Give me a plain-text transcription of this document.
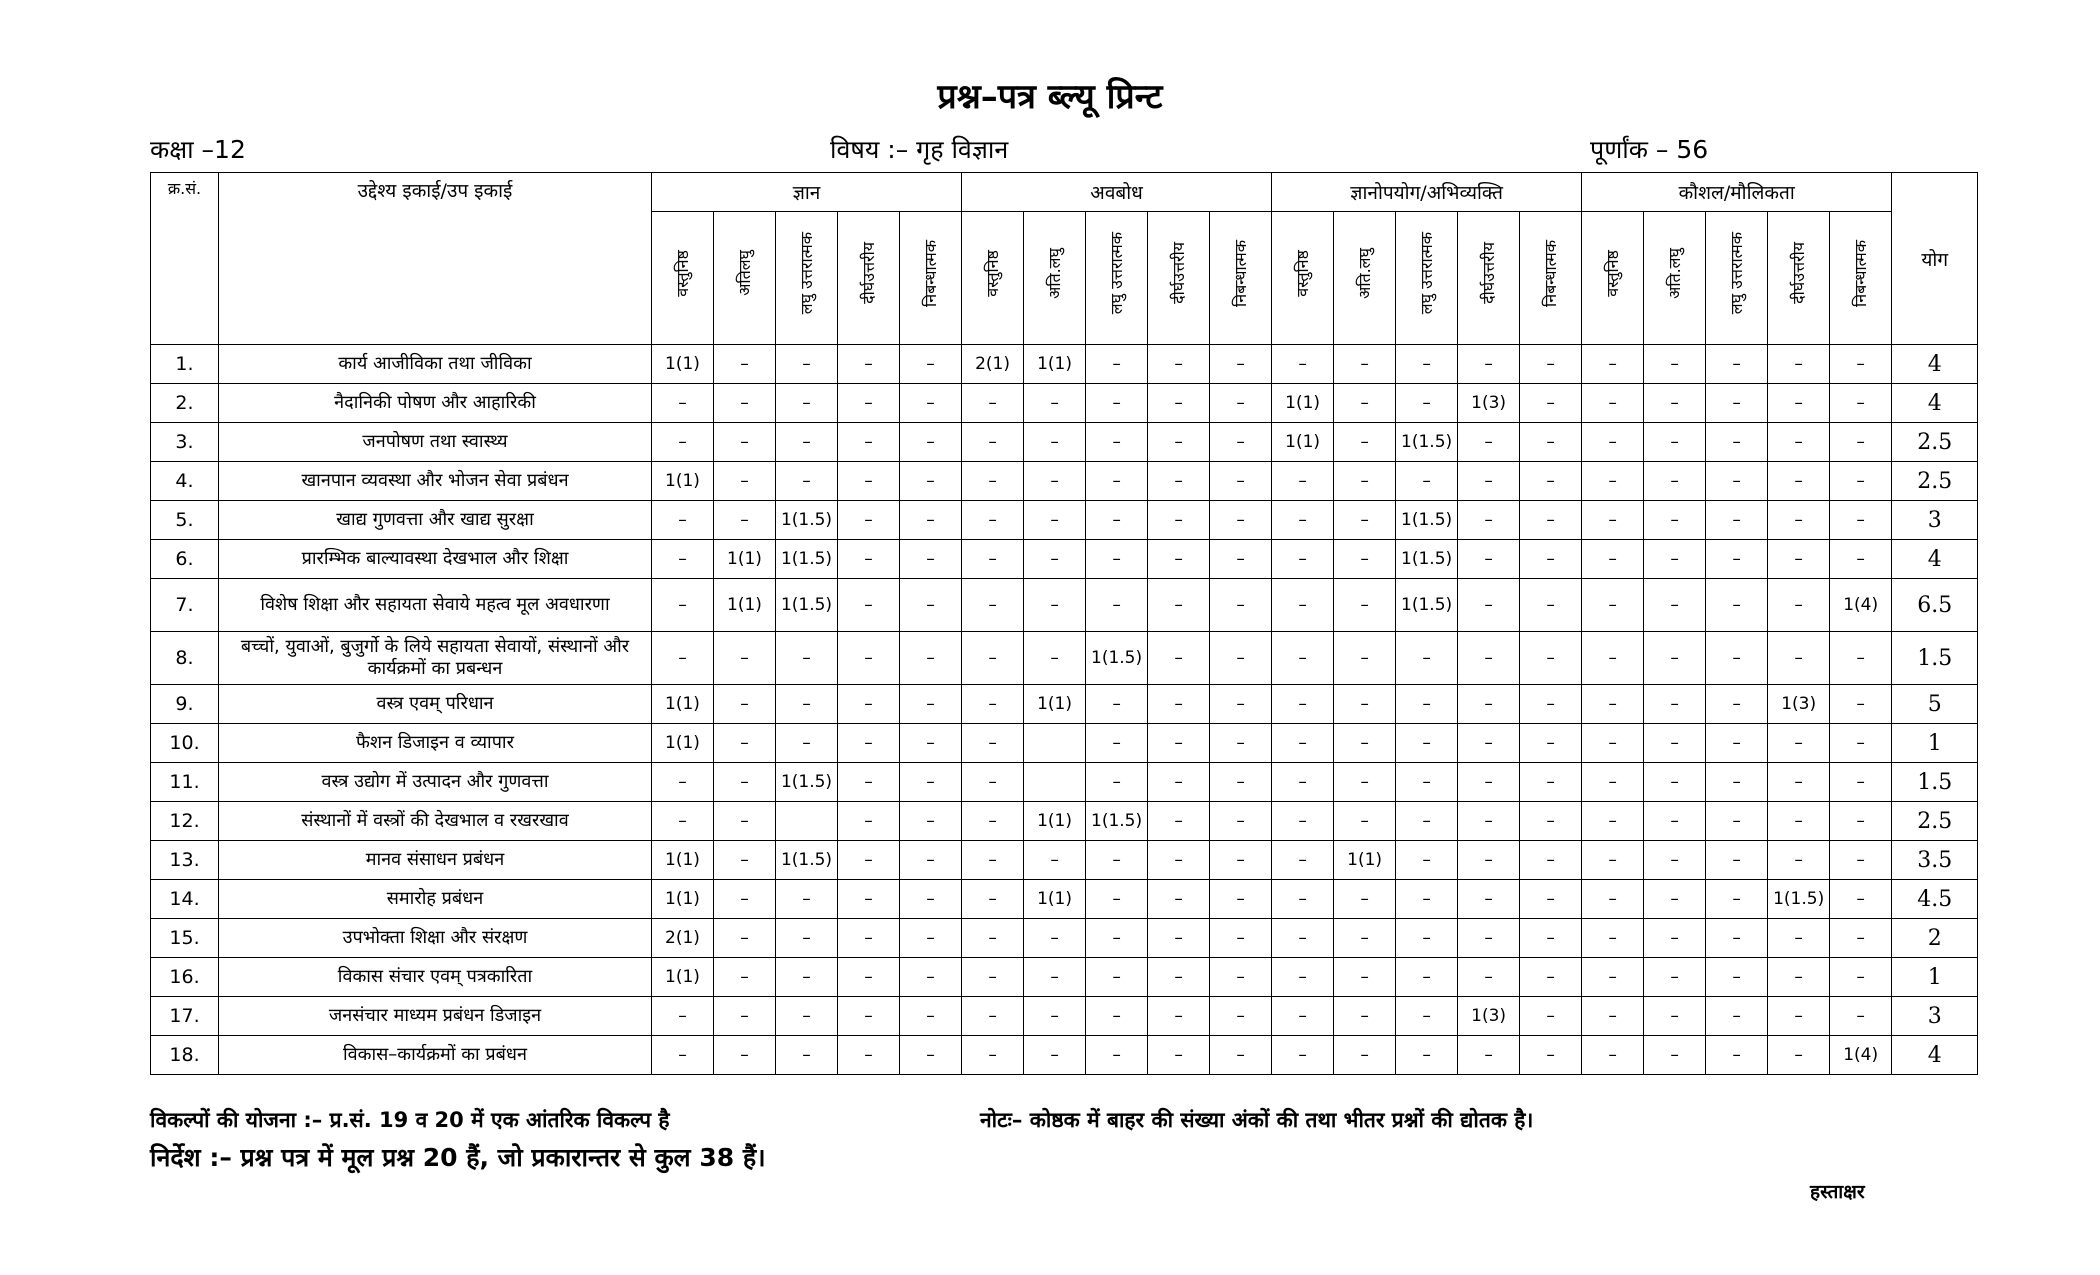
प्रश्न–पत्र ब्ल्यू प्रिन्ट
कक्षा –12	विषय :– गृह विज्ञान	पूर्णांक – 56
क्र.सं.	उद्देश्य इकाई/उप इकाई	ज्ञान					अवबोध					ज्ञानोपयोग/अभिव्यक्ति					कौशल/मौलिकता					योग
		वस्तुनिष्ठ	अतिलघु	लघु उत्तरात्मक	दीर्घउत्तरीय	निबन्धात्मक	वस्तुनिष्ठ	अति.लघु	लघु उत्तरात्मक	दीर्घउत्तरीय	निबन्धात्मक	वस्तुनिष्ठ	अति.लघु	लघु उत्तरात्मक	दीर्घउत्तरीय	निबन्धात्मक	वस्तुनिष्ठ	अति.लघु	लघु उत्तरात्मक	दीर्घउत्तरीय	निबन्धात्मक	
1.	कार्य आजीविका तथा जीविका	1(1)	–	–	–	–	2(1)	1(1)	–	–	–	–	–	–	–	–	–	–	–	–	–	4
2.	नैदानिकी पोषण और आहारिकी	–	–	–	–	–	–	–	–	–	–	1(1)	–	–	1(3)	–	–	–	–	–	–	4
3.	जनपोषण तथा स्वास्थ्य	–	–	–	–	–	–	–	–	–	–	1(1)	–	1(1.5)	–	–	–	–	–	–	–	2.5
4.	खानपान व्यवस्था और भोजन सेवा प्रबंधन	1(1)	–	–	–	–	–	–	–	–	–	–	–	–	–	–	–	–	–	–	–	2.5
5.	खाद्य गुणवत्ता और खाद्य सुरक्षा	–	–	1(1.5)	–	–	–	–	–	–	–	–	–	1(1.5)	–	–	–	–	–	–	–	3
6.	प्रारम्भिक बाल्यावस्था देखभाल और शिक्षा	–	1(1)	1(1.5)	–	–	–	–	–	–	–	–	–	1(1.5)	–	–	–	–	–	–	–	4
7.	विशेष शिक्षा और सहायता सेवाये महत्व मूल अवधारणा	–	1(1)	1(1.5)	–	–	–	–	–	–	–	–	–	1(1.5)	–	–	–	–	–	–	1(4)	6.5
8.	बच्चों, युवाओं, बुजुर्गो के लिये सहायता सेवायों, संस्थानों और कार्यक्रमों का प्रबन्धन	–	–	–	–	–	–	–	1(1.5)	–	–	–	–	–	–	–	–	–	–	–	–	1.5
9.	वस्त्र एवम् परिधान	1(1)	–	–	–	–	–	1(1)	–	–	–	–	–	–	–	–	–	–	–	1(3)	–	5
10.	फैशन डिजाइन व व्यापार	1(1)	–	–	–	–	–		–	–	–	–	–	–	–	–	–	–	–	–	–	1
11.	वस्त्र उद्योग में उत्पादन और गुणवत्ता	–	–	1(1.5)	–	–	–		–	–	–	–	–	–	–	–	–	–	–	–	–	1.5
12.	संस्थानों में वस्त्रों की देखभाल व रखरखाव	–	–		–	–	–	1(1)	1(1.5)	–	–	–	–	–	–	–	–	–	–	–	–	2.5
13.	मानव संसाधन प्रबंधन	1(1)	–	1(1.5)	–	–	–	–	–	–	–	–	1(1)	–	–	–	–	–	–	–	–	3.5
14.	समारोह प्रबंधन	1(1)	–	–	–	–	–	1(1)	–	–	–	–	–	–	–	–	–	–	–	1(1.5)	–	4.5
15.	उपभोक्ता शिक्षा और संरक्षण	2(1)	–	–	–	–	–	–	–	–	–	–	–	–	–	–	–	–	–	–	–	2
16.	विकास संचार एवम् पत्रकारिता	1(1)	–	–	–	–	–	–	–	–	–	–	–	–	–	–	–	–	–	–	–	1
17.	जनसंचार माध्यम प्रबंधन डिजाइन	–	–	–	–	–	–	–	–	–	–	–	–	–	1(3)	–	–	–	–	–	–	3
18.	विकास–कार्यक्रमों का प्रबंधन	–	–	–	–	–	–	–	–	–	–	–	–	–	–	–	–	–	–	–	1(4)	4
विकल्पों की योजना :– प्र.सं. 19 व 20 में एक आंतरिक विकल्प है	नोटः– कोष्ठक में बाहर की संख्या अंकों की तथा भीतर प्रश्नों की द्योतक है।
निर्देश :– प्रश्न पत्र में मूल प्रश्न 20 हैं, जो प्रकारान्तर से कुल 38 हैं।
हस्ताक्षर
